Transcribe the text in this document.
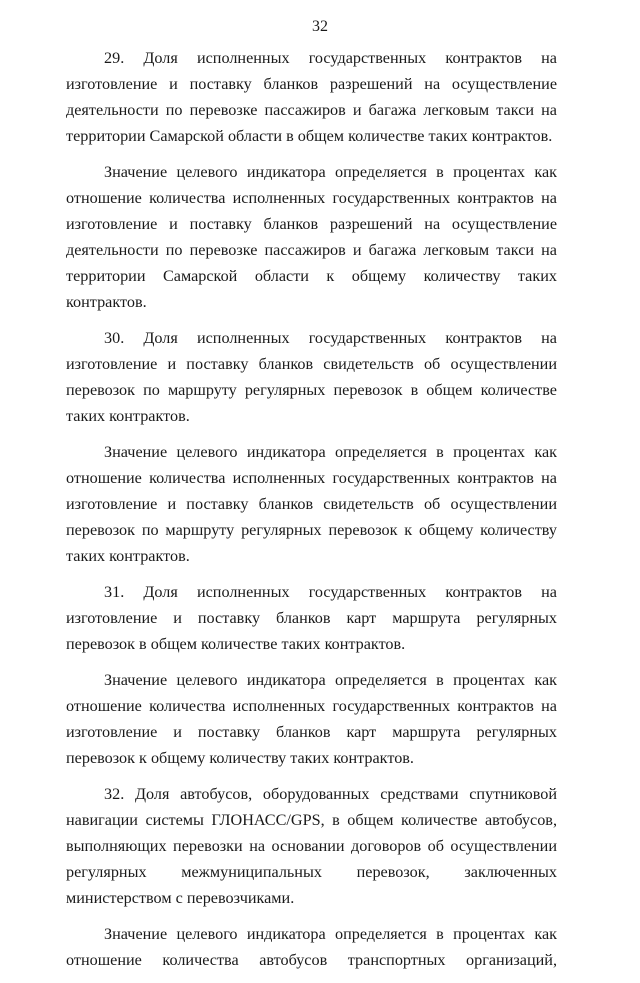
32

29. Доля исполненных государственных контрактов на изготовление и поставку бланков разрешений на осуществление деятельности по перевозке пассажиров и багажа легковым такси на территории Самарской области в общем количестве таких контрактов.

Значение целевого индикатора определяется в процентах как отношение количества исполненных государственных контрактов на изготовление и поставку бланков разрешений на осуществление деятельности по перевозке пассажиров и багажа легковым такси на территории Самарской области к общему количеству таких контрактов.

30. Доля исполненных государственных контрактов на изготовление и поставку бланков свидетельств об осуществлении перевозок по маршруту регулярных перевозок в общем количестве таких контрактов.

Значение целевого индикатора определяется в процентах как отношение количества исполненных государственных контрактов на изготовление и поставку бланков свидетельств об осуществлении перевозок по маршруту регулярных перевозок к общему количеству таких контрактов.

31. Доля исполненных государственных контрактов на изготовление и поставку бланков карт маршрута регулярных перевозок в общем количестве таких контрактов.

Значение целевого индикатора определяется в процентах как отношение количества исполненных государственных контрактов на изготовление и поставку бланков карт маршрута регулярных перевозок к общему количеству таких контрактов.

32. Доля автобусов, оборудованных средствами спутниковой навигации системы ГЛОНАСС/GPS, в общем количестве автобусов, выполняющих перевозки на основании договоров об осуществлении регулярных межмуниципальных перевозок, заключенных министерством с перевозчиками.

Значение целевого индикатора определяется в процентах как отношение количества автобусов транспортных организаций,
